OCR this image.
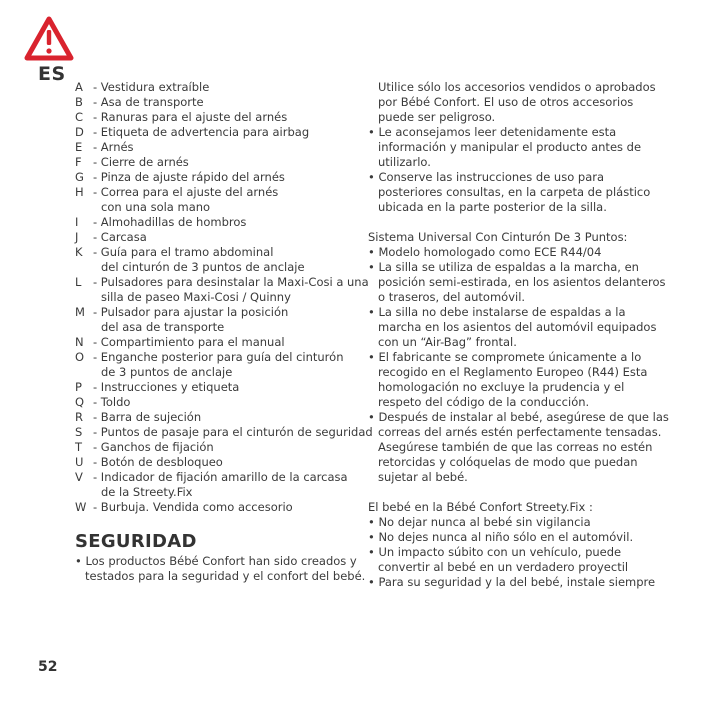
ES
A - Vestidura extraíble
B - Asa de transporte
C - Ranuras para el ajuste del arnés
D - Etiqueta de advertencia para airbag
E - Arnés
F - Cierre de arnés
G - Pinza de ajuste rápido del arnés
H - Correa para el ajuste del arnés
con una sola mano
I	- Almohadillas de hombros
J	- Carcasa
K - Guía para el tramo abdominal
del cinturón de 3 puntos de anclaje
L	- Pulsadores para desinstalar la Maxi-Cosi a una
silla de paseo Maxi-Cosi / Quinny
M - Pulsador para ajustar la posición
del asa de transporte
N - Compartimiento para el manual
O - Enganche posterior para guía del cinturón
de 3 puntos de anclaje
P - Instrucciones y etiqueta
Q - Toldo
R - Barra de sujeción
S - Puntos de pasaje para el cinturón de seguridad
T - Ganchos de fijación
U - Botón de desbloqueo
V - Indicador de fijación amarillo de la carcasa
de la Streety.Fix
W - Burbuja. Vendida como accesorio
SEGURIDAD
• Los productos Bébé Confort han sido creados y
testados para la seguridad y el confort del bebé.
Utilice sólo los accesorios vendidos o aprobados
por Bébé Confort. El uso de otros accesorios
puede ser peligroso.
• Le aconsejamos leer detenidamente esta
información y manipular el producto antes de
utilizarlo.
• Conserve las instrucciones de uso para
posteriores consultas, en la carpeta de plástico
ubicada en la parte posterior de la silla.
Sistema Universal Con Cinturón De 3 Puntos:
• Modelo homologado como ECE R44/04
• La silla se utiliza de espaldas a la marcha, en
posición semi-estirada, en los asientos delanteros
o traseros, del automóvil.
• La silla no debe instalarse de espaldas a la
marcha en los asientos del automóvil equipados
con un “Air-Bag” frontal.
• El fabricante se compromete únicamente a lo
recogido en el Reglamento Europeo (R44) Esta
homologación no excluye la prudencia y el
respeto del código de la conducción.
• Después de instalar al bebé, asegúrese de que las
correas del arnés estén perfectamente tensadas.
Asegúrese también de que las correas no estén
retorcidas y colóquelas de modo que puedan
sujetar al bebé.
El bebé en la Bébé Confort Streety.Fix :
• No dejar nunca al bebé sin vigilancia
• No dejes nunca al niño sólo en el automóvil.
• Un impacto súbito con un vehículo, puede
convertir al bebé en un verdadero proyectil
• Para su seguridad y la del bebé, instale siempre
52
